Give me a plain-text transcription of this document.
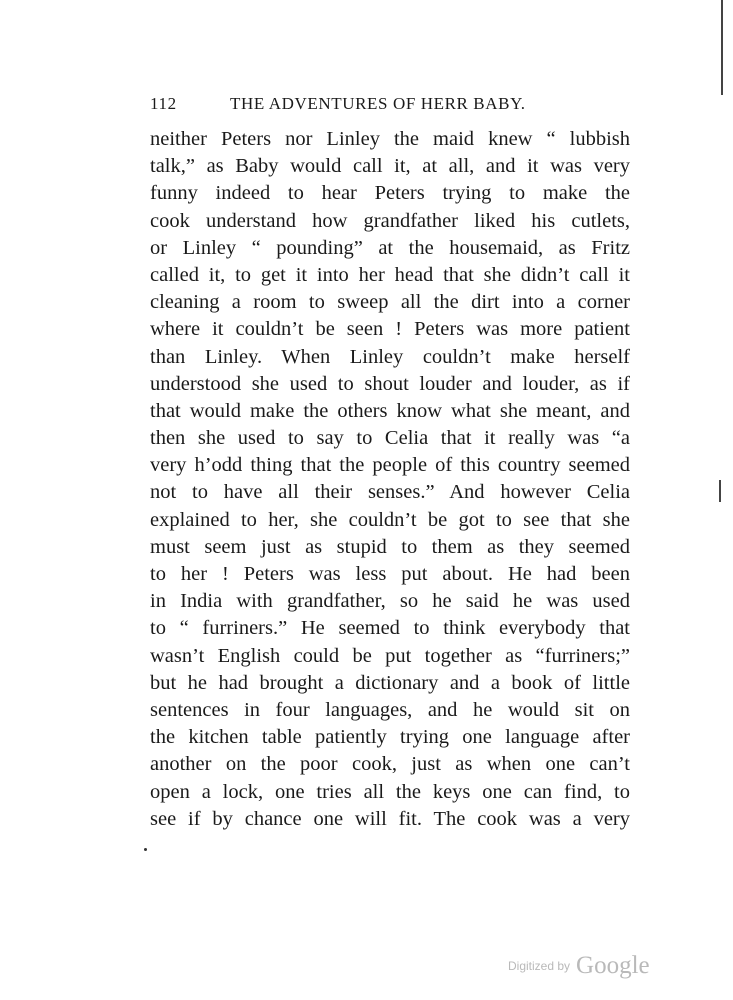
112	THE ADVENTURES OF HERR BABY.
neither Peters nor Linley the maid knew “ lubbish
talk,” as Baby would call it, at all, and it was very
funny indeed to hear Peters trying to make the
cook understand how grandfather liked his cutlets,
or Linley “ pounding” at the housemaid, as Fritz
called it, to get it into her head that she didn’t call it
cleaning a room to sweep all the dirt into a corner
where it couldn’t be seen ! Peters was more patient
than Linley. When Linley couldn’t make herself
understood she used to shout louder and louder, as if
that would make the others know what she meant, and
then she used to say to Celia that it really was “a
very h’odd thing that the people of this country seemed
not to have all their senses.” And however Celia
explained to her, she couldn’t be got to see that she
must seem just as stupid to them as they seemed
to her ! Peters was less put about. He had been
in India with grandfather, so he said he was used
to “ furriners.” He seemed to think everybody that
wasn’t English could be put together as “furriners;”
but he had brought a dictionary and a book of little
sentences in four languages, and he would sit on
the kitchen table patiently trying one language after
another on the poor cook, just as when one can’t
open a lock, one tries all the keys one can find, to
see if by chance one will fit. The cook was a very
Digitized by Google
